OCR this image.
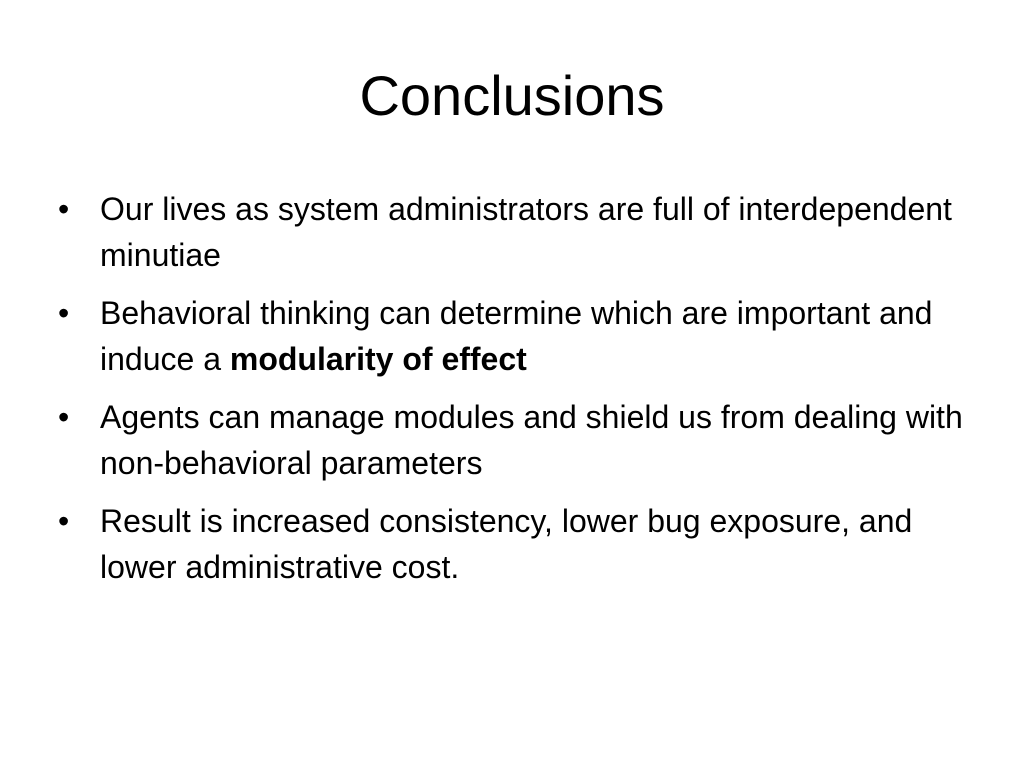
Conclusions
• Our lives as system administrators are full of interdependent minutiae
• Behavioral thinking can determine which are important and induce a modularity of effect
• Agents can manage modules and shield us from dealing with non-behavioral parameters
• Result is increased consistency, lower bug exposure, and lower administrative cost.
